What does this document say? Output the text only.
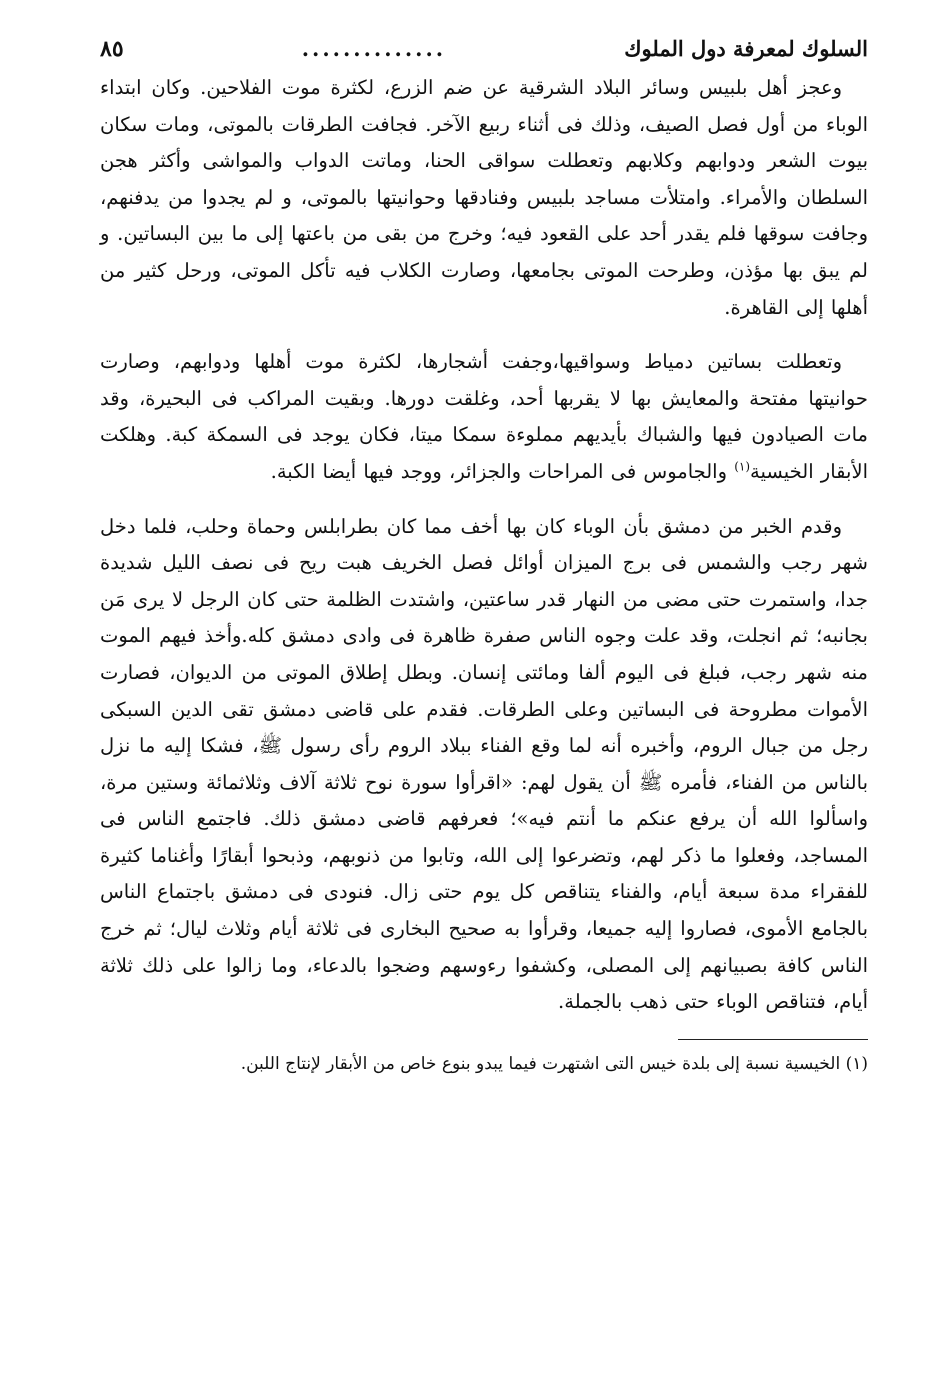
السلوك لمعرفة دول الملوك
..............
٨٥

وعجز أهل بلبيس وسائر البلاد الشرقية عن ضم الزرع، لكثرة موت الفلاحين. وكان ابتداء الوباء من أول فصل الصيف، وذلك فى أثناء ربيع الآخر. فجافت الطرقات بالموتى، ومات سكان بيوت الشعر ودوابهم وكلابهم وتعطلت سواقى الحنا، وماتت الدواب والمواشى وأكثر هجن السلطان والأمراء. وامتلأت مساجد بلبيس وفنادقها وحوانيتها بالموتى، و لم يجدوا من يدفنهم، وجافت سوقها فلم يقدر أحد على القعود فيه؛ وخرج من بقى من باعتها إلى ما بين البساتين. و لم يبق بها مؤذن، وطرحت الموتى بجامعها، وصارت الكلاب فيه تأكل الموتى، ورحل كثير من أهلها إلى القاهرة.

وتعطلت بساتين دمياط وسواقيها،وجفت أشجارها، لكثرة موت أهلها ودوابهم، وصارت حوانيتها مفتحة والمعايش بها لا يقربها أحد، وغلقت دورها. وبقيت المراكب فى البحيرة، وقد مات الصيادون فيها والشباك بأيديهم مملوءة سمكا ميتا، فكان يوجد فى السمكة كبة. وهلكت الأبقار الخيسية$^{(١)}$ والجاموس فى المراحات والجزائر، ووجد فيها أيضا الكبة.

وقدم الخبر من دمشق بأن الوباء كان بها أخف مما كان بطرابلس وحماة وحلب، فلما دخل شهر رجب والشمس فى برج الميزان أوائل فصل الخريف هبت ريح فى نصف الليل شديدة جدا، واستمرت حتى مضى من النهار قدر ساعتين، واشتدت الظلمة حتى كان الرجل لا يرى مَن بجانبه؛ ثم انجلت، وقد علت وجوه الناس صفرة ظاهرة فى وادى دمشق كله.وأخذ فيهم الموت منه شهر رجب، فبلغ فى اليوم ألفا ومائتى إنسان. وبطل إطلاق الموتى من الديوان، فصارت الأموات مطروحة فى البساتين وعلى الطرقات. فقدم على قاضى دمشق تقى الدين السبكى رجل من جبال الروم، وأخبره أنه لما وقع الفناء ببلاد الروم رأى رسول ﷺ، فشكا إليه ما نزل بالناس من الفناء، فأمره ﷺ أن يقول لهم: «اقرأوا سورة نوح ثلاثة آلاف وثلاثمائة وستين مرة، واسألوا الله أن يرفع عنكم ما أنتم فيه»؛ فعرفهم قاضى دمشق ذلك. فاجتمع الناس فى المساجد، وفعلوا ما ذكر لهم، وتضرعوا إلى الله، وتابوا من ذنوبهم، وذبحوا أبقارًا وأغناما كثيرة للفقراء مدة سبعة أيام، والفناء يتناقص كل يوم حتى زال. فنودى فى دمشق باجتماع الناس بالجامع الأموى، فصاروا إليه جميعا، وقرأوا به صحيح البخارى فى ثلاثة أيام وثلاث ليال؛ ثم خرج الناس كافة بصبيانهم إلى المصلى، وكشفوا رءوسهم وضجوا بالدعاء، وما زالوا على ذلك ثلاثة أيام، فتناقص الوباء حتى ذهب بالجملة.

(١) الخيسية نسبة إلى بلدة خيس التى اشتهرت فيما يبدو بنوع خاص من الأبقار لإنتاج اللبن.
